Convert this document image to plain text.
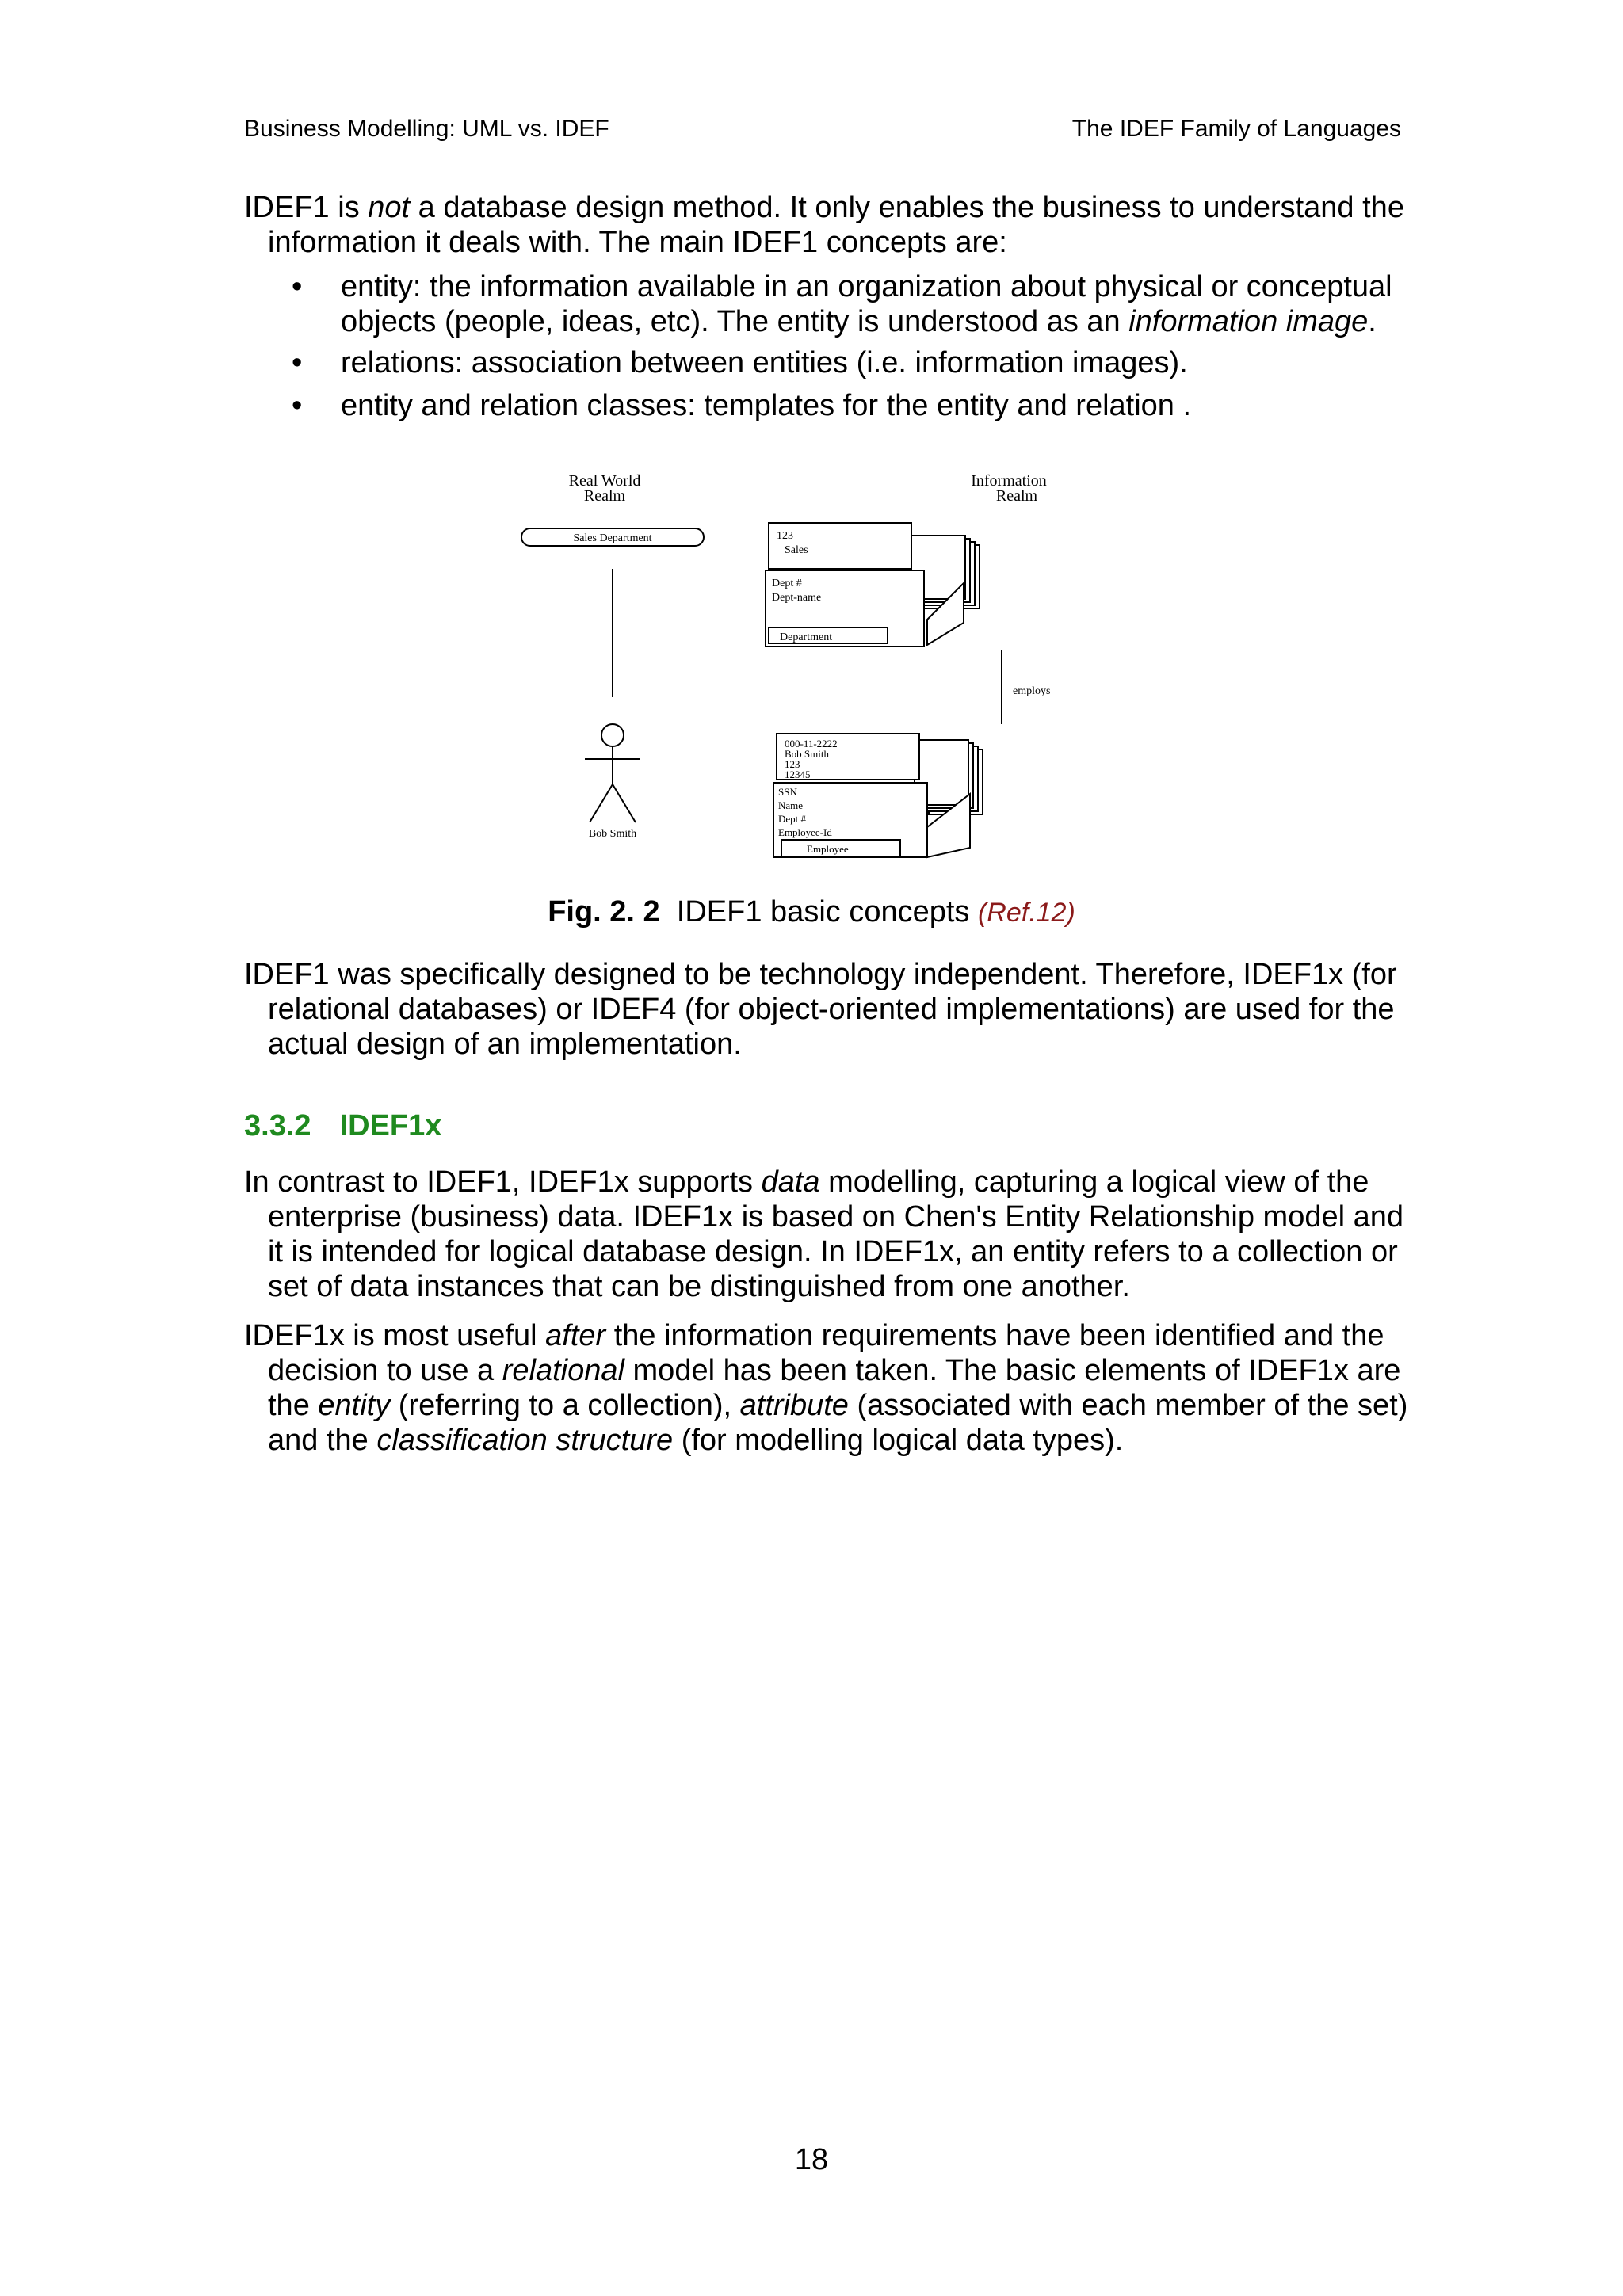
Business Modelling: UML vs. IDEF	The IDEF Family of Languages

IDEF1 is not a database design method. It only enables the business to understand the information it deals with. The main IDEF1 concepts are:

• entity: the information available in an organization about physical or conceptual objects (people, ideas, etc). The entity is understood as an information image.
• relations: association between entities (i.e. information images).
• entity and relation classes: templates for the entity and relation .
Real World
Realm
Information
Realm
Sales Department
Bob Smith
123
Sales
Dept #
Dept-name
Department
employs
000-11-2222
Bob Smith
123
12345
SSN
Name
Dept #
Employee-Id
Employee
Fig. 2. 2 IDEF1 basic concepts (Ref.12)

IDEF1 was specifically designed to be technology independent. Therefore, IDEF1x (for relational databases) or IDEF4 (for object-oriented implementations) are used for the actual design of an implementation.

3.3.2 IDEF1x

In contrast to IDEF1, IDEF1x supports data modelling, capturing a logical view of the enterprise (business) data. IDEF1x is based on Chen's Entity Relationship model and it is intended for logical database design. In IDEF1x, an entity refers to a collection or set of data instances that can be distinguished from one another.

IDEF1x is most useful after the information requirements have been identified and the decision to use a relational model has been taken. The basic elements of IDEF1x are the entity (referring to a collection), attribute (associated with each member of the set) and the classification structure (for modelling logical data types).

18
